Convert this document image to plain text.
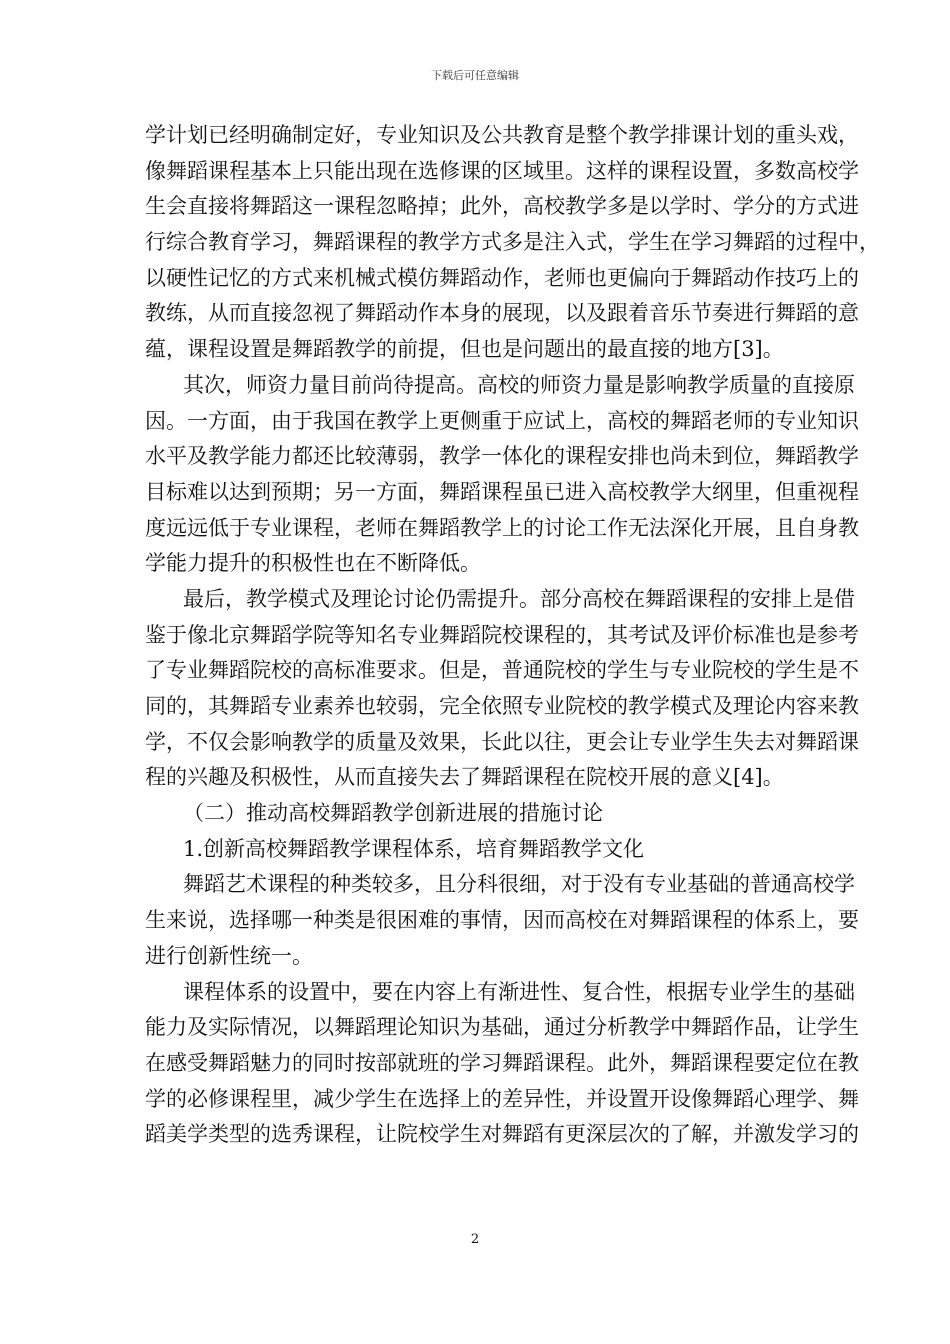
下载后可任意编辑
学计划已经明确制定好，专业知识及公共教育是整个教学排课计划的重头戏，
像舞蹈课程基本上只能出现在选修课的区域里。这样的课程设置，多数高校学
生会直接将舞蹈这一课程忽略掉；此外，高校教学多是以学时、学分的方式进
行综合教育学习，舞蹈课程的教学方式多是注入式，学生在学习舞蹈的过程中，
以硬性记忆的方式来机械式模仿舞蹈动作，老师也更偏向于舞蹈动作技巧上的
教练，从而直接忽视了舞蹈动作本身的展现，以及跟着音乐节奏进行舞蹈的意
蕴，课程设置是舞蹈教学的前提，但也是问题出的最直接的地方[3]。
其次，师资力量目前尚待提高。高校的师资力量是影响教学质量的直接原
因。一方面，由于我国在教学上更侧重于应试上，高校的舞蹈老师的专业知识
水平及教学能力都还比较薄弱，教学一体化的课程安排也尚未到位，舞蹈教学
目标难以达到预期；另一方面，舞蹈课程虽已进入高校教学大纲里，但重视程
度远远低于专业课程，老师在舞蹈教学上的讨论工作无法深化开展，且自身教
学能力提升的积极性也在不断降低。
最后，教学模式及理论讨论仍需提升。部分高校在舞蹈课程的安排上是借
鉴于像北京舞蹈学院等知名专业舞蹈院校课程的，其考试及评价标准也是参考
了专业舞蹈院校的高标准要求。但是，普通院校的学生与专业院校的学生是不
同的，其舞蹈专业素养也较弱，完全依照专业院校的教学模式及理论内容来教
学，不仅会影响教学的质量及效果，长此以往，更会让专业学生失去对舞蹈课
程的兴趣及积极性，从而直接失去了舞蹈课程在院校开展的意义[4]。
（二）推动高校舞蹈教学创新进展的措施讨论
1.创新高校舞蹈教学课程体系，培育舞蹈教学文化
舞蹈艺术课程的种类较多，且分科很细，对于没有专业基础的普通高校学
生来说，选择哪一种类是很困难的事情，因而高校在对舞蹈课程的体系上，要
进行创新性统一。
课程体系的设置中，要在内容上有渐进性、复合性，根据专业学生的基础
能力及实际情况，以舞蹈理论知识为基础，通过分析教学中舞蹈作品，让学生
在感受舞蹈魅力的同时按部就班的学习舞蹈课程。此外，舞蹈课程要定位在教
学的必修课程里，减少学生在选择上的差异性，并设置开设像舞蹈心理学、舞
蹈美学类型的选秀课程，让院校学生对舞蹈有更深层次的了解，并激发学习的
2
